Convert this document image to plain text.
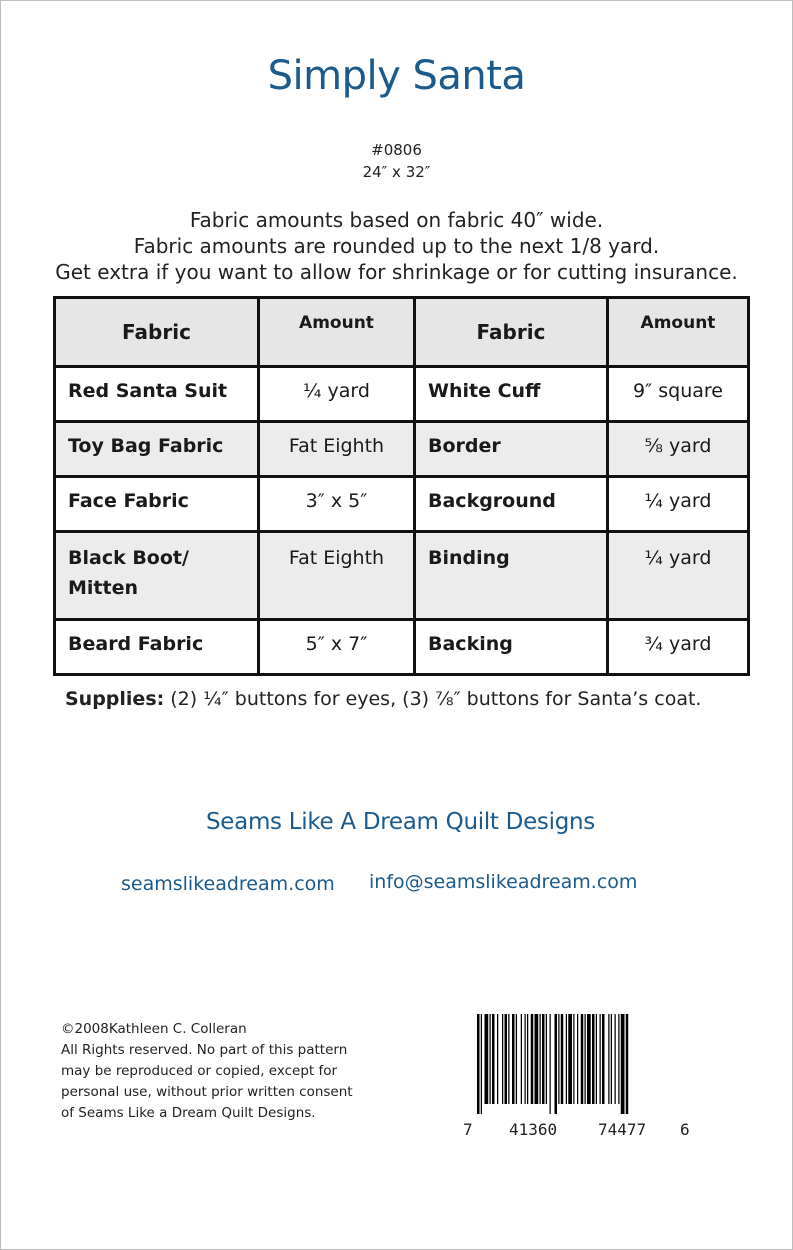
Simply Santa
#0806
24″ x 32″
Fabric amounts based on fabric 40″ wide.
Fabric amounts are rounded up to the next 1/8 yard.
Get extra if you want to allow for shrinkage or for cutting insurance.
Fabric	Amount	Fabric	Amount
Red Santa Suit	¼ yard	White Cuff	9″ square
Toy Bag Fabric	Fat Eighth	Border	⅝ yard
Face Fabric	3″ x 5″	Background	¼ yard

Black Boot/
Mitten	Fat Eighth	Binding	¼ yard
Beard Fabric	5″ x 7″	Backing	¾ yard
Supplies: (2) ¼″ buttons for eyes, (3) ⅞″ buttons for Santa’s coat.
Seams Like A Dream Quilt Designs
seamslikeadream.com info@seamslikeadream.com
©2008Kathleen C. Colleran
All Rights reserved. No part of this pattern
may be reproduced or copied, except for
personal use, without prior written consent
of Seams Like a Dream Quilt Designs.
7 41360	74477 6
